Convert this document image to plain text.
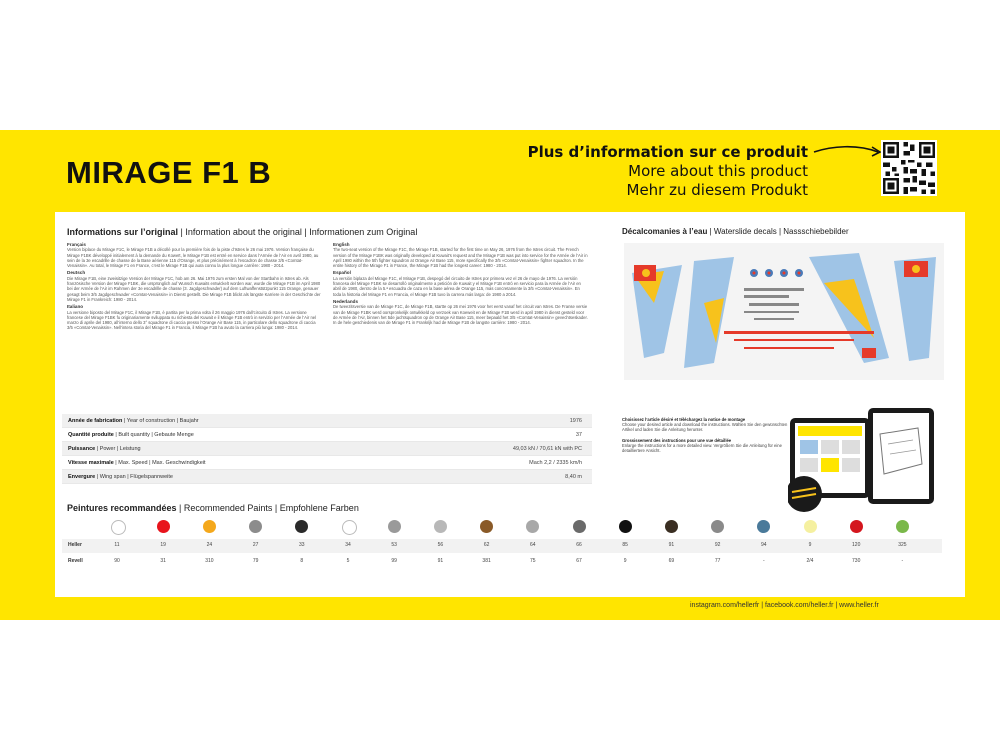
MIRAGE F1 B
Plus d’information sur ce produit
More about this product
Mehr zu diesem Produkt
Informations sur l’original | Information about the original | Informationen zum Original
Français
Version biplace du Mirage F1C, le Mirage F1B a décollé pour la première fois de la piste d’Istres le 26 mai 1976. Version française du Mirage F1BK développé initialement à la demande du Koweït, le Mirage F1B est entré en service dans l’Armée de l’Air en avril 1980, au sein de la 3e escadrille de chasse de la Base aérienne 115 d’Orange, et plus précisément à l’escadron de chasse 3/5 «Comtat-Venaissin». Au total, le Mirage F1 en France, c’est le Mirage F1B qui aura connu la plus longue carrière: 1980 - 2014.
Deutsch
Die Mirage F1B, eine zweisitzige Version der Mirage F1C, hob am 26. Mai 1976 zum ersten Mal von der Startbahn in Istres ab. Als französische Version der Mirage F1BK, die ursprünglich auf Wunsch Kuwaits entwickelt worden war, wurde die Mirage F1B im April 1980 bei der Armée de l’Air im Rahmen der 3e escadrille de chasse (3. Jagdgeschwader) auf dem Luftwaffenstützpunkt 115 Orange, genauer gesagt beim 3/5 Jagdgeschwader «Comtat-Venaissin» in Dienst gestellt. Die Mirage F1B blickt als längste Karriere in der Geschichte der Mirage F1 in Frankreich: 1980 - 2014.
Italiano
La versione biposto del Mirage F1C, il Mirage F1B, è partita per la prima volta il 26 maggio 1976 dall’circuito di Istres. La versione francese del Mirage F1BK fu originariamente sviluppata su richiesta del Kuwait e il Mirage F1B entrò in servizio per l’Armée de l’Air nel marzo di aprile del 1980, all’interno dello 3° squadrone di caccia presso l’Orange Air Base 115, in particolare dello squadrone di caccia 3/5 «Comtat-Venaissin». Nell’intera storia del Mirage F1 in Francia, il Mirage F1B ha avuto la carriera più lunga: 1980 - 2014.
English
The two-seat version of the Mirage F1C, the Mirage F1B, started for the first time on May 26, 1976 from the Istres circuit. The French version of the Mirage F1BK was originally developed at Kuwait’s request and the Mirage F1B was put into service for the Armée de l’Air in April 1980 within the 5th fighter squadron at Orange Air Base 115, more specifically the 3/5 «Comtat-Venaissin» fighter squadron. In the entire history of the Mirage F1 in France, the Mirage F1B had the longest career: 1980 - 2014.
Español
La versión biplaza del Mirage F1C, el Mirage F1B, despegó del circuito de Istres por primera vez el 26 de mayo de 1976. La versión francesa del Mirage F1BK se desarrolló originalmente a petición de Kuwait y el Mirage F1B entró en servicio para la Armée de l’Air en abril de 1980, dentro de la 5.ª escuadra de caza en la base aérea de Orange 115, más concretamente la 3/5 «Comtat-Venaissin». En toda la historia del Mirage F1 en Francia, el Mirage F1B tuvo la carrera más larga: de 1980 a 2014.
Nederlands
De tweezitsversie van de Mirage F1C, de Mirage F1B, startte op 26 mei 1976 voor het eerst vanaf het circuit van Istres. De Franse versie van de Mirage F1BK werd oorspronkelijk ontwikkeld op verzoek van Koeweit en de Mirage F1B werd in april 1980 in dienst gesteld voor de Armée de l’Air, binnen het 5de jachtsquadron op de Orange Air Base 115, meer bepaald het 3/5 «Comtat-Venaissin» gevechtseskader. In de hele geschiedenis van de Mirage F1 in Frankrijk had de Mirage F1B de langste carrière: 1980 - 2014.
Année de fabrication | Year of construction | Baujahr	1976
Quantité produite | Built quantity | Gebaute Menge	37
Puissance | Power | Leistung	49,03 kN / 70,61 kN with PC
Vitesse maximale | Max. Speed | Max. Geschwindigkeit	Mach 2,2 / 2335 km/h
Envergure | Wing span | Flügelspannweite	8,40 m
Peintures recommandées | Recommended Paints | Empfohlene Farben
Heller	11	19	24	27	33	34	53	56	62	64	66	85	91	92	94	9	120	325
Revell	90	31	310	79	8	5	99	91	381	75	67	9	69	77	-	2/4	730	-
Décalcomanies à l’eau | Waterslide decals | Nassschiebebilder
Choisissez l’article désiré et téléchargez la notice de montage
Choose your desired article and download the instructions. Wählen Sie den gewünschten Artikel und laden Sie die Anleitung herunter.

Grossissement des instructions pour une vue détaillée
Enlarge the instructions for a more detailed view. Vergrößern Sie die Anleitung für eine detailliertere Ansicht.
instagram.com/hellerfr | facebook.com/heller.fr | www.heller.fr
